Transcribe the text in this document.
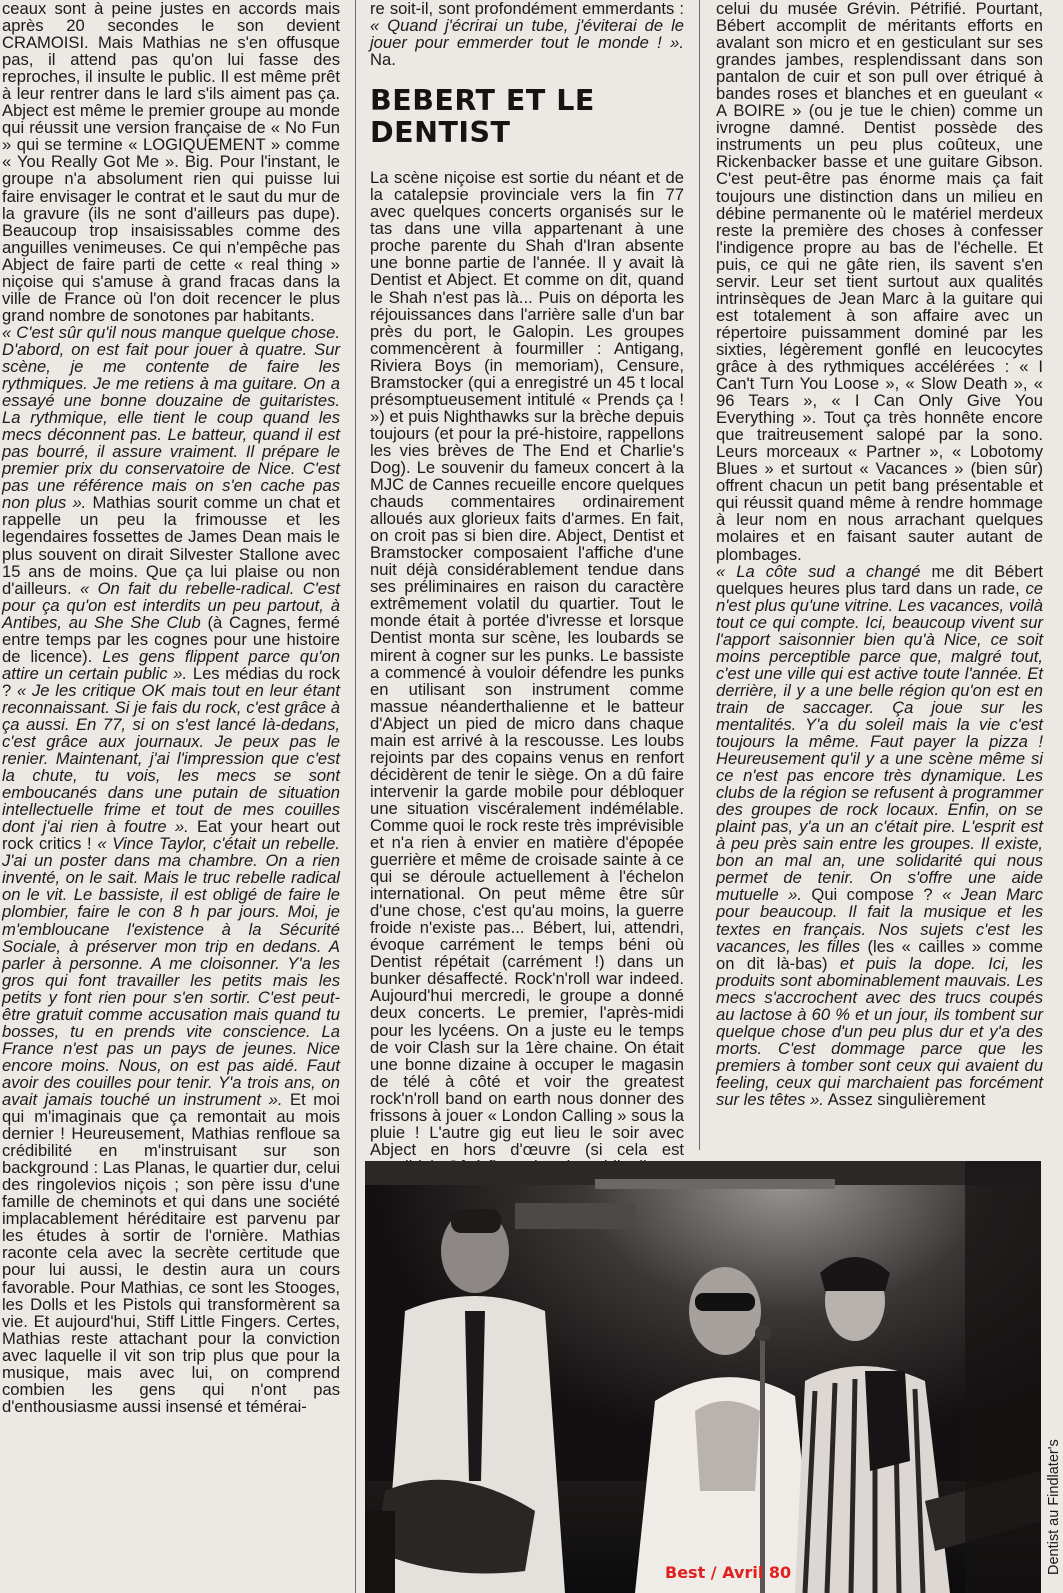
ceaux sont à peine justes en accords mais après 20 secondes le son devient CRAMOISI. Mais Mathias ne s'en offusque pas, il attend pas qu'on lui fasse des reproches, il insulte le public. Il est même prêt à leur rentrer dans le lard s'ils aiment pas ça. Abject est même le premier groupe au monde qui réussit une version française de « No Fun » qui se termine « LOGIQUEMENT » comme « You Really Got Me ». Big. Pour l'instant, le groupe n'a absolument rien qui puisse lui faire envisager le contrat et le saut du mur de la gravure (ils ne sont d'ailleurs pas dupe). Beaucoup trop insaisissables comme des anguilles venimeuses. Ce qui n'empêche pas Abject de faire parti de cette « real thing » niçoise qui s'amuse à grand fracas dans la ville de France où l'on doit recencer le plus grand nombre de sonotones par habitants.

« C'est sûr qu'il nous manque quelque chose. D'abord, on est fait pour jouer à quatre. Sur scène, je me contente de faire les rythmiques. Je me retiens à ma guitare. On a essayé une bonne douzaine de guitaristes. La rythmique, elle tient le coup quand les mecs déconnent pas. Le batteur, quand il est pas bourré, il assure vraiment. Il prépare le premier prix du conservatoire de Nice. C'est pas une référence mais on s'en cache pas non plus ». Mathias sourit comme un chat et rappelle un peu la frimousse et les legendaires fossettes de James Dean mais le plus souvent on dirait Silvester Stallone avec 15 ans de moins. Que ça lui plaise ou non d'ailleurs. « On fait du rebelle-radical. C'est pour ça qu'on est interdits un peu partout, à Antibes, au She She Club (à Cagnes, fermé entre temps par les cognes pour une histoire de licence). Les gens flippent parce qu'on attire un certain public ». Les médias du rock ? « Je les critique OK mais tout en leur étant reconnaissant. Si je fais du rock, c'est grâce à ça aussi. En 77, si on s'est lancé là-dedans, c'est grâce aux journaux. Je peux pas le renier. Maintenant, j'ai l'impression que c'est la chute, tu vois, les mecs se sont emboucanés dans une putain de situation intellectuelle frime et tout de mes couilles dont j'ai rien à foutre ». Eat your heart out rock critics ! « Vince Taylor, c'était un rebelle. J'ai un poster dans ma chambre. On a rien inventé, on le sait. Mais le truc rebelle radical on le vit. Le bassiste, il est obligé de faire le plombier, faire le con 8 h par jours. Moi, je m'embloucane l'existence à la Sécurité Sociale, à préserver mon trip en dedans. A parler à personne. A me cloisonner. Y'a les gros qui font travailler les petits mais les petits y font rien pour s'en sortir. C'est peut-être gratuit comme accusation mais quand tu bosses, tu en prends vite conscience. La France n'est pas un pays de jeunes. Nice encore moins. Nous, on est pas aidé. Faut avoir des couilles pour tenir. Y'a trois ans, on avait jamais touché un instrument ». Et moi qui m'imaginais que ça remontait au mois dernier ! Heureusement, Mathias renfloue sa crédibilité en m'instruisant sur son background : Las Planas, le quartier dur, celui des ringolevios niçois ; son père issu d'une famille de cheminots et qui dans une société implacablement héréditaire est parvenu par les études à sortir de l'ornière. Mathias raconte cela avec la secrète certitude que pour lui aussi, le destin aura un cours favorable. Pour Mathias, ce sont les Stooges, les Dolls et les Pistols qui transformèrent sa vie. Et aujourd'hui, Stiff Little Fingers. Certes, Mathias reste attachant pour la conviction avec laquelle il vit son trip plus que pour la musique, mais avec lui, on comprend combien les gens qui n'ont pas d'enthousiasme aussi insensé et témérai-

re soit-il, sont profondément emmerdants : « Quand j'écrirai un tube, j'éviterai de le jouer pour emmerder tout le monde ! ». Na.

BEBERT ET LE DENTIST

La scène niçoise est sortie du néant et de la catalepsie provinciale vers la fin 77 avec quelques concerts organisés sur le tas dans une villa appartenant à une proche parente du Shah d'Iran absente une bonne partie de l'année. Il y avait là Dentist et Abject. Et comme on dit, quand le Shah n'est pas là... Puis on déporta les réjouissances dans l'arrière salle d'un bar près du port, le Galopin. Les groupes commencèrent à fourmiller : Antigang, Riviera Boys (in memoriam), Censure, Bramstocker (qui a enregistré un 45 t local présomptueusement intitulé « Prends ça ! ») et puis Nighthawks sur la brèche depuis toujours (et pour la pré-histoire, rappellons les vies brèves de The End et Charlie's Dog). Le souvenir du fameux concert à la MJC de Cannes recueille encore quelques chauds commentaires ordinairement alloués aux glorieux faits d'armes. En fait, on croit pas si bien dire. Abject, Dentist et Bramstocker composaient l'affiche d'une nuit déjà considérablement tendue dans ses préliminaires en raison du caractère extrêmement volatil du quartier. Tout le monde était à portée d'ivresse et lorsque Dentist monta sur scène, les loubards se mirent à cogner sur les punks. Le bassiste a commencé à vouloir défendre les punks en utilisant son instrument comme massue néanderthalienne et le batteur d'Abject un pied de micro dans chaque main est arrivé à la rescousse. Les loubs rejoints par des copains venus en renfort décidèrent de tenir le siège. On a dû faire intervenir la garde mobile pour débloquer une situation viscéralement indémélable. Comme quoi le rock reste très imprévisible et n'a rien à envier en matière d'épopée guerrière et même de croisade sainte à ce qui se déroule actuellement à l'échelon international. On peut même être sûr d'une chose, c'est qu'au moins, la guerre froide n'existe pas... Bébert, lui, attendri, évoque carrément le temps béni où Dentist répétait (carrément !) dans un bunker désaffecté. Rock'n'roll war indeed. Aujourd'hui mercredi, le groupe a donné deux concerts. Le premier, l'après-midi pour les lycéens. On a juste eu le temps de voir Clash sur la 1ère chaine. On était une bonne dizaine à occuper le magasin de télé à côté et voir the greatest rock'n'roll band on earth nous donner des frissons à jouer « London Calling » sous la pluie ! L'autre gig eut lieu le soir avec Abject en hors d'œuvre (si cela est

celui du musée Grévin. Pétrifié. Pourtant, Bébert accomplit de méritants efforts en avalant son micro et en gesticulant sur ses grandes jambes, resplendissant dans son pantalon de cuir et son pull over étriqué à bandes roses et blanches et en gueulant « A BOIRE » (ou je tue le chien) comme un ivrogne damné. Dentist possède des instruments un peu plus coûteux, une Rickenbacker basse et une guitare Gibson. C'est peut-être pas énorme mais ça fait toujours une distinction dans un milieu en débine permanente où le matériel merdeux reste la première des choses à confesser l'indigence propre au bas de l'échelle. Et puis, ce qui ne gâte rien, ils savent s'en servir. Leur set tient surtout aux qualités intrinsèques de Jean Marc à la guitare qui est totalement à son affaire avec un répertoire puissamment dominé par les sixties, légèrement gonflé en leucocytes grâce à des rythmiques accélérées : « I Can't Turn You Loose », « Slow Death », « 96 Tears », « I Can Only Give You Everything ». Tout ça très honnête encore que traitreusement salopé par la sono. Leurs morceaux « Partner », « Lobotomy Blues » et surtout « Vacances » (bien sûr) offrent chacun un petit bang présentable et qui réussit quand même à rendre hommage à leur nom en nous arrachant quelques molaires et en faisant sauter autant de plombages.

« La côte sud a changé me dit Bébert quelques heures plus tard dans un rade, ce n'est plus qu'une vitrine. Les vacances, voilà tout ce qui compte. Ici, beaucoup vivent sur l'apport saisonnier bien qu'à Nice, ce soit moins perceptible parce que, malgré tout, c'est une ville qui est active toute l'année. Et derrière, il y a une belle région qu'on est en train de saccager. Ça joue sur les mentalités. Y'a du soleil mais la vie c'est toujours la même. Faut payer la pizza ! Heureusement qu'il y a une scène même si ce n'est pas encore très dynamique. Les clubs de la région se refusent à programmer des groupes de rock locaux. Enfin, on se plaint pas, y'a un an c'était pire. L'esprit est à peu près sain entre les groupes. Il existe, bon an mal an, une solidarité qui nous permet de tenir. On s'offre une aide mutuelle ». Qui compose ? « Jean Marc pour beaucoup. Il fait la musique et les textes en français. Nos sujets c'est les vacances, les filles (les « cailles » comme on dit là-bas) et puis la dope. Ici, les produits sont abominablement mauvais. Les mecs s'accrochent avec des trucs coupés au lactose à 60 % et un jour, ils tombent sur quelque chose d'un peu plus dur et y'a des morts. C'est dommage parce que les premiers à tomber sont ceux qui avaient du feeling, ceux qui marchaient pas forcément sur les têtes ». Assez singulièrement

Dentist au Findlater's
Best / Avril 80
